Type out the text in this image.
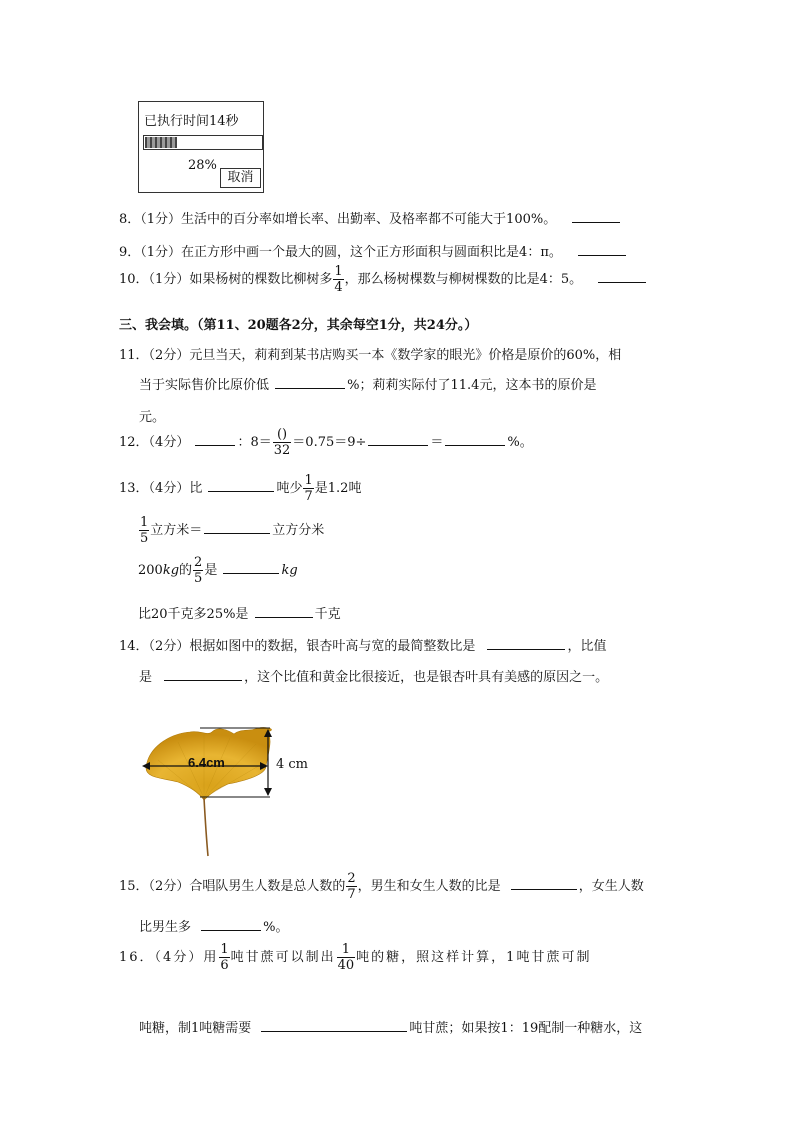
已执行时间14秒
28%
取消
8．（1分）生活中的百分率如增长率、出勤率、及格率都不可能大于100%。
9．（1分）在正方形中画一个最大的圆，这个正方形面积与圆面积比是4：π。
10．（1分）如果杨树的棵数比柳树多 $\frac{1}{4}$ ，那么杨树棵数与柳树棵数的比是4：5。
三、我会填。（第11、20题各2分，其余每空1分，共24分。）
11．（2分）元旦当天，莉莉到某书店购买一本《数学家的眼光》价格是原价的60%，相
当于实际售价比原价低	%；莉莉实际付了11.4元，这本书的原价是
元。
12．（4分）	：$8= \frac{()}{32} =0.75=9\div$	＝	%。
13．（4分）比	吨少 $\frac{1}{7}$ 是1.2吨
$\frac{1}{5}$ 立方米＝	立方分米
200kg的 $\frac{2}{5}$ 是	kg
比20千克多25%是	千克
14．（2分）根据如图中的数据，银杏叶高与宽的最简整数比是	，比值
是	，这个比值和黄金比很接近，也是银杏叶具有美感的原因之一。
6.4cm	4 cm
15．（2分）合唱队男生人数是总人数的 $\frac{2}{7}$ ，男生和女生人数的比是	，女生人数
比男生多	%。
16．（4分）用 $\frac{1}{6}$ 吨甘蔗可以制出 $\frac{1}{40}$ 吨的糖，照这样计算，1吨甘蔗可制
吨糖，制1吨糖需要	吨甘蔗；如果按1：19配制一种糖水，这
